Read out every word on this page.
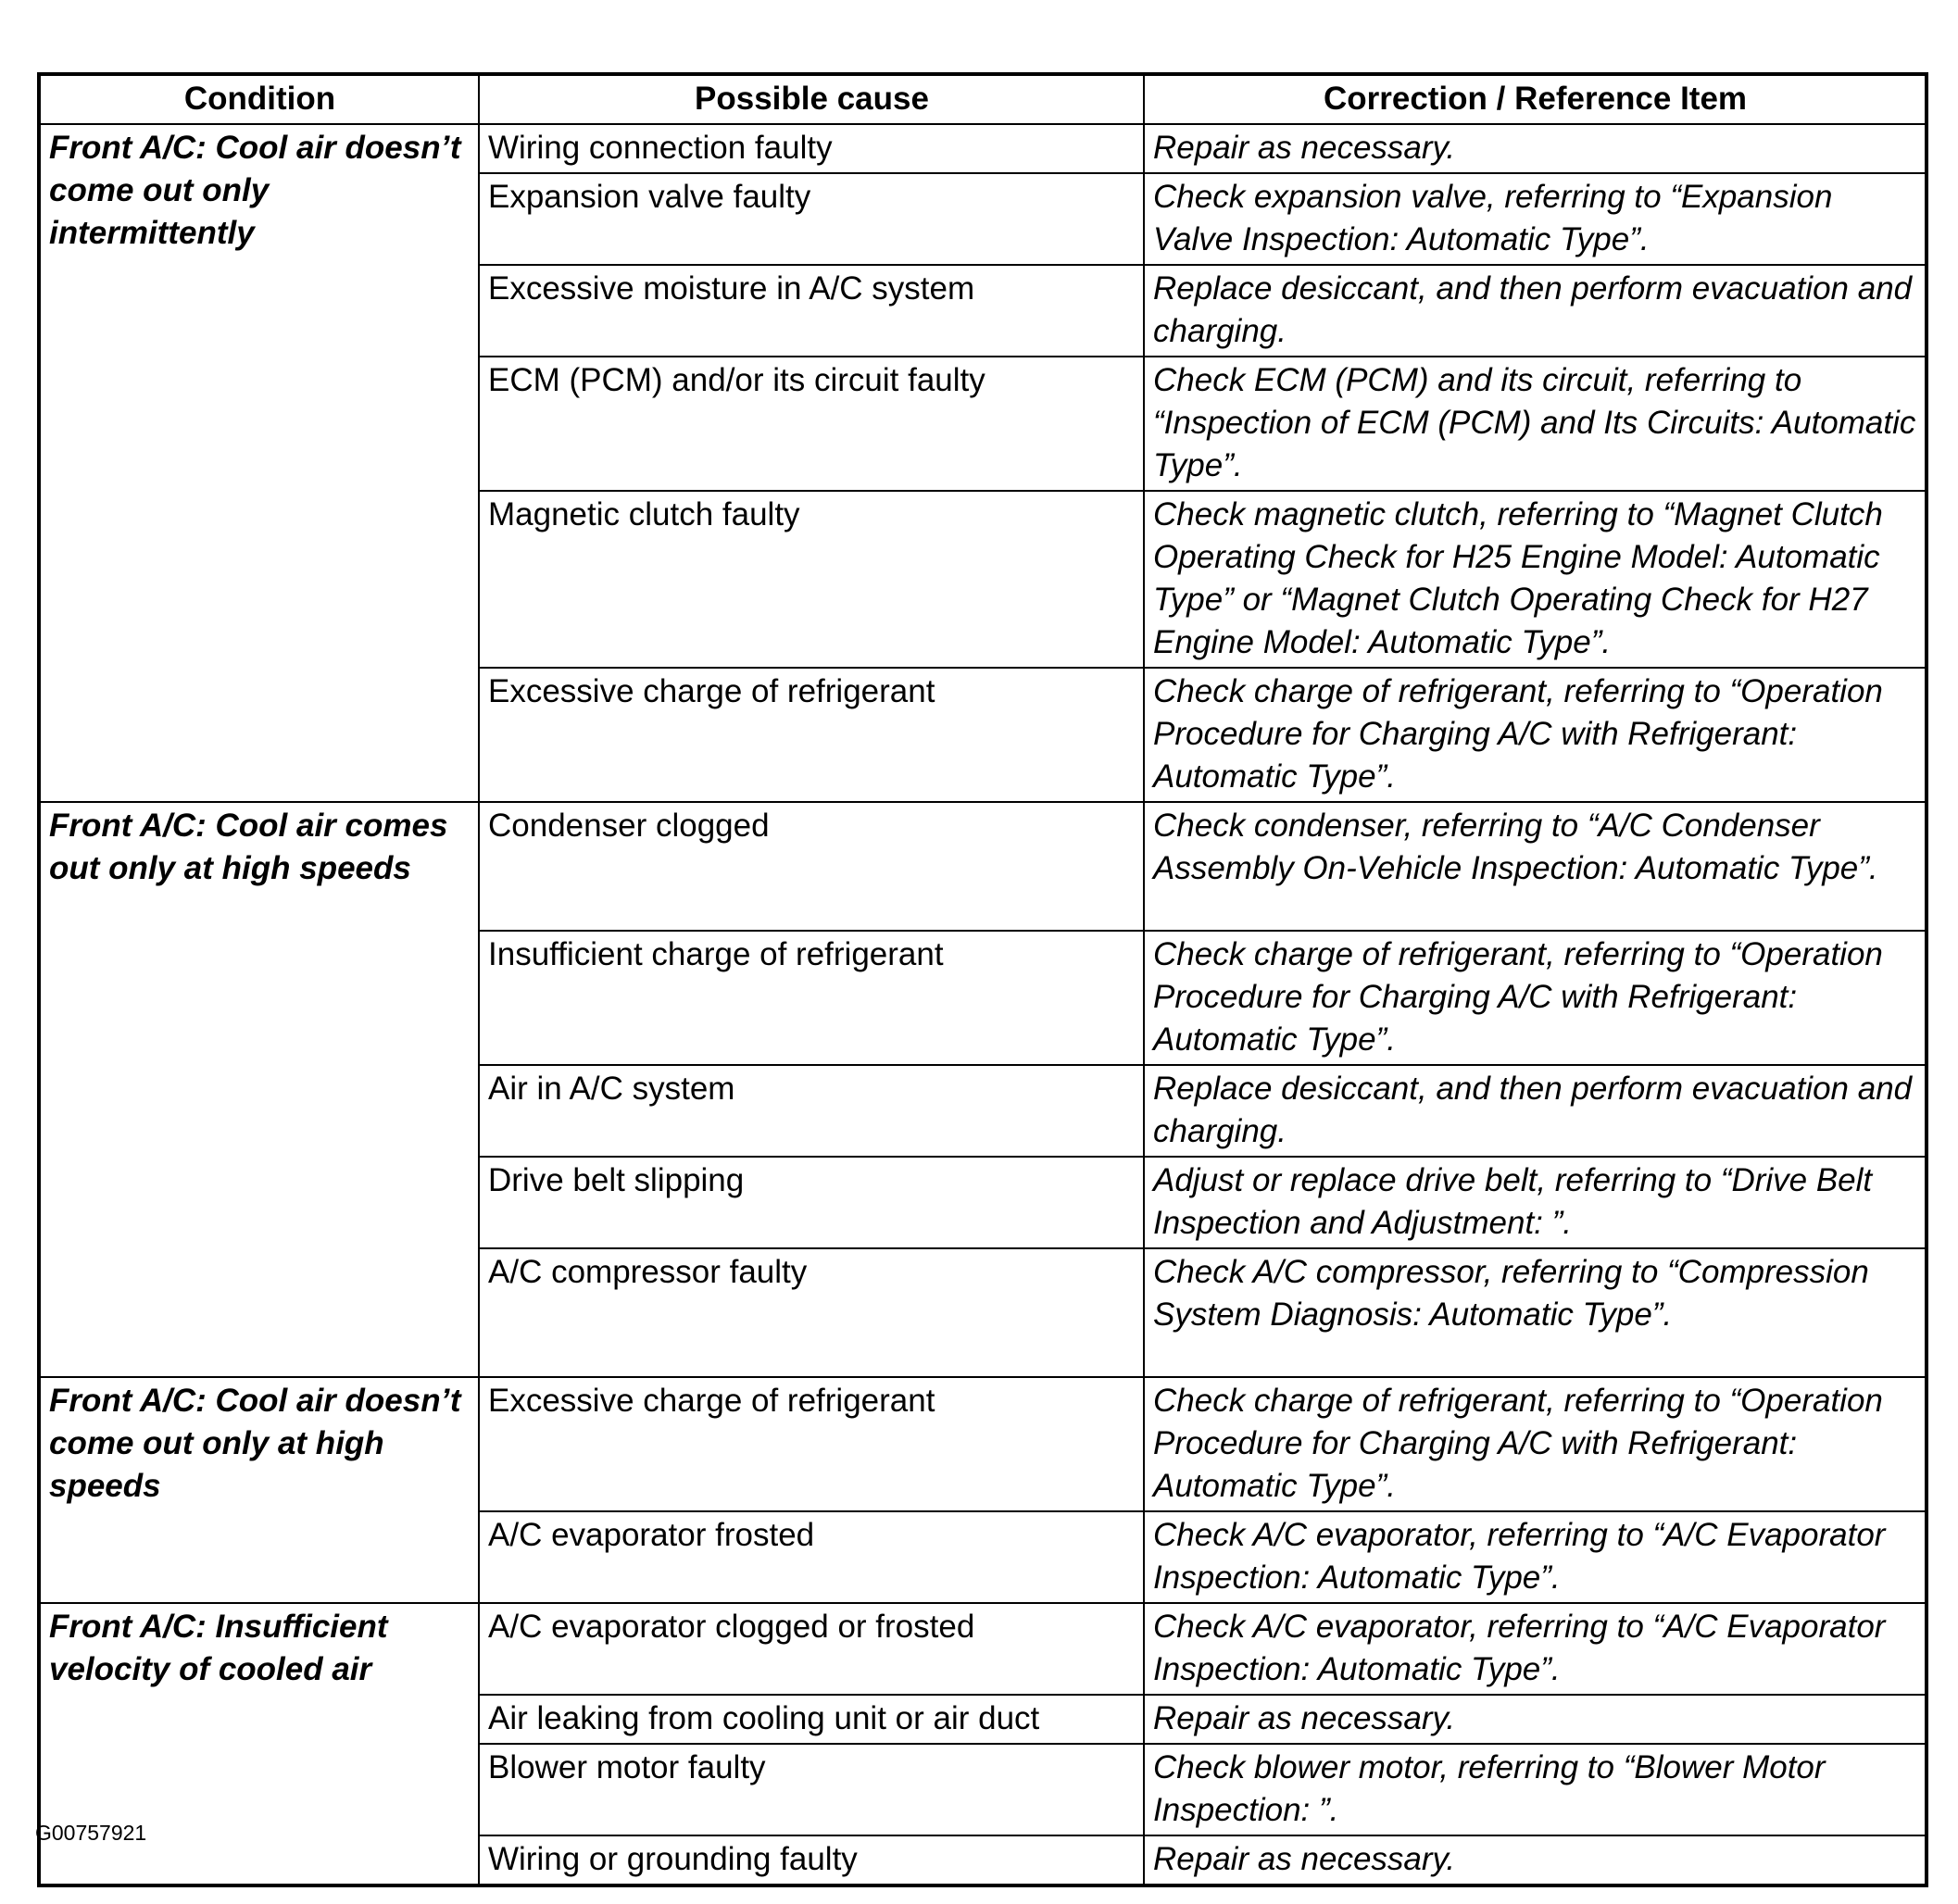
Condition	Possible cause	Correction / Reference Item
Front A/C: Cool air doesn’t come out only intermittently	Wiring connection faulty	Repair as necessary.
	Expansion valve faulty	Check expansion valve, referring to “Expansion Valve Inspection: Automatic Type”.
	Excessive moisture in A/C system	Replace desiccant, and then perform evacuation and charging.
	ECM (PCM) and/or its circuit faulty	Check ECM (PCM) and its circuit, referring to “Inspection of ECM (PCM) and Its Circuits: Automatic Type”.
	Magnetic clutch faulty	Check magnetic clutch, referring to “Magnet Clutch Operating Check for H25 Engine Model: Automatic Type” or “Magnet Clutch Operating Check for H27 Engine Model: Automatic Type”.
	Excessive charge of refrigerant	Check charge of refrigerant, referring to “Operation Procedure for Charging A/C with Refrigerant: Automatic Type”.
Front A/C: Cool air comes out only at high speeds	Condenser clogged	Check condenser, referring to “A/C Condenser Assembly On-Vehicle Inspection: Automatic Type”.
	Insufficient charge of refrigerant	Check charge of refrigerant, referring to “Operation Procedure for Charging A/C with Refrigerant: Automatic Type”.
	Air in A/C system	Replace desiccant, and then perform evacuation and charging.
	Drive belt slipping	Adjust or replace drive belt, referring to “Drive Belt Inspection and Adjustment: ”.
	A/C compressor faulty	Check A/C compressor, referring to “Compression System Diagnosis: Automatic Type”.
Front A/C: Cool air doesn’t come out only at high speeds	Excessive charge of refrigerant	Check charge of refrigerant, referring to “Operation Procedure for Charging A/C with Refrigerant: Automatic Type”.
	A/C evaporator frosted	Check A/C evaporator, referring to “A/C Evaporator Inspection: Automatic Type”.
Front A/C: Insufficient velocity of cooled air	A/C evaporator clogged or frosted	Check A/C evaporator, referring to “A/C Evaporator Inspection: Automatic Type”.
	Air leaking from cooling unit or air duct	Repair as necessary.
	Blower motor faulty	Check blower motor, referring to “Blower Motor Inspection: ”.
	Wiring or grounding faulty	Repair as necessary.
G00757921
